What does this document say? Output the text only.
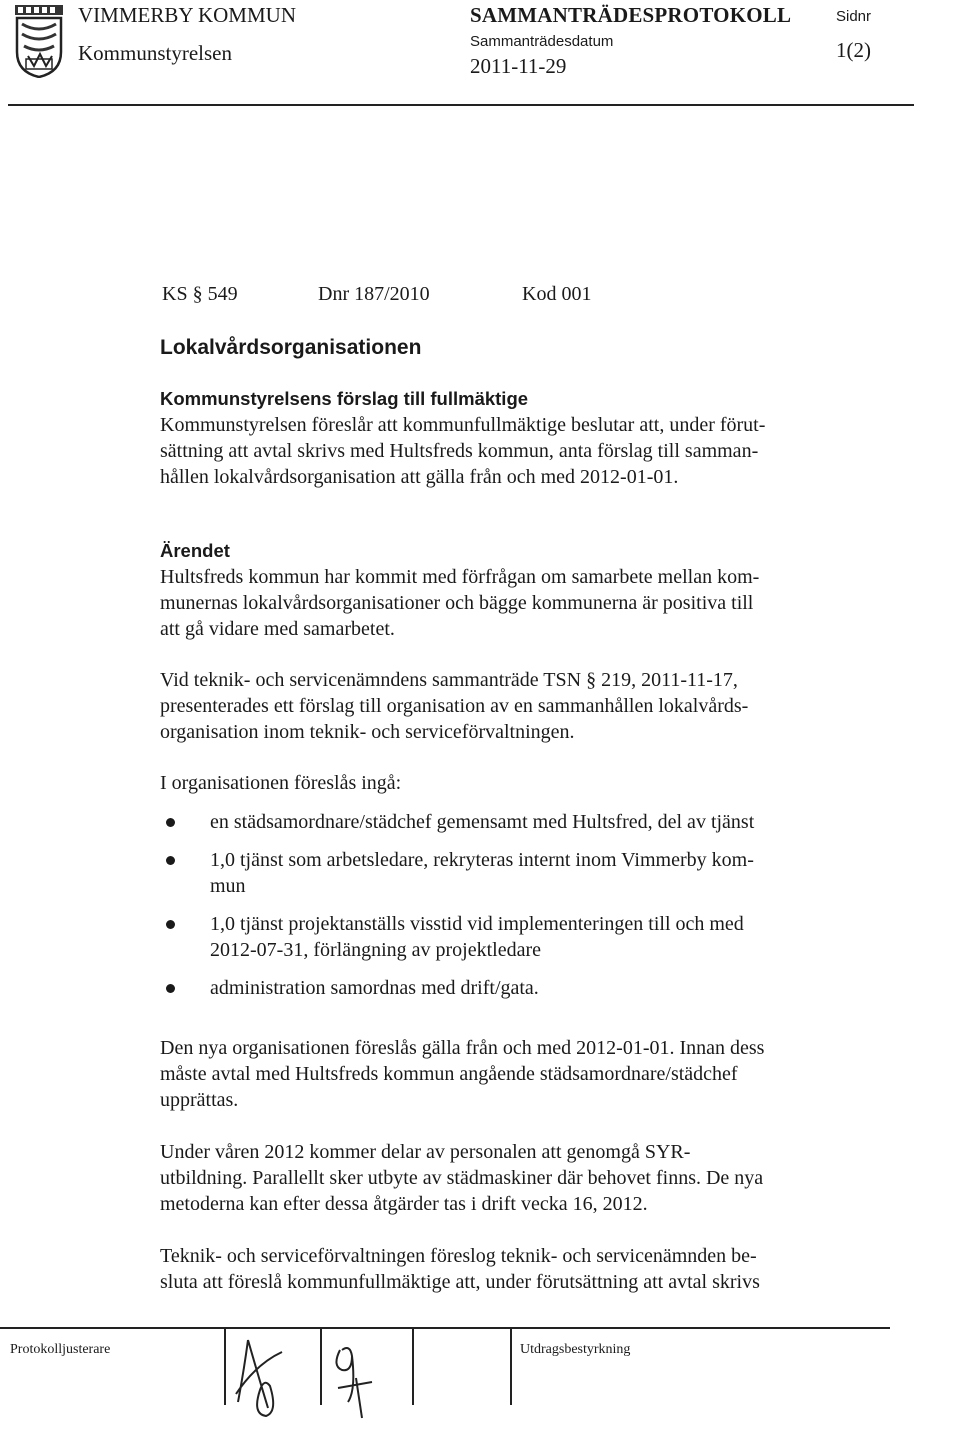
VIMMERBY KOMMUN
Kommunstyrelsen
SAMMANTRÄDESPROTOKOLL
Sammanträdesdatum
2011-11-29
Sidnr
1(2)
KS § 549	Dnr 187/2010	Kod 001
Lokalvårdsorganisationen
Kommunstyrelsens förslag till fullmäktige
Kommunstyrelsen föreslår att kommunfullmäktige beslutar att, under förut-
sättning att avtal skrivs med Hultsfreds kommun, anta förslag till samman-
hållen lokalvårdsorganisation att gälla från och med 2012-01-01.
Ärendet
Hultsfreds kommun har kommit med förfrågan om samarbete mellan kom-
munernas lokalvårdsorganisationer och bägge kommunerna är positiva till
att gå vidare med samarbetet.
Vid teknik- och servicenämndens sammanträde TSN § 219, 2011-11-17,
presenterades ett förslag till organisation av en sammanhållen lokalvårds-
organisation inom teknik- och serviceförvaltningen.
I organisationen föreslås ingå:
en städsamordnare/städchef gemensamt med Hultsfred, del av tjänst
1,0 tjänst som arbetsledare, rekryteras internt inom Vimmerby kom-
mun
1,0 tjänst projektanställs visstid vid implementeringen till och med
2012-07-31, förlängning av projektledare
administration samordnas med drift/gata.
Den nya organisationen föreslås gälla från och med 2012-01-01. Innan dess
måste avtal med Hultsfreds kommun angående städsamordnare/städchef
upprättas.
Under våren 2012 kommer delar av personalen att genomgå SYR-
utbildning. Parallellt sker utbyte av städmaskiner där behovet finns. De nya
metoderna kan efter dessa åtgärder tas i drift vecka 16, 2012.
Teknik- och serviceförvaltningen föreslog teknik- och servicenämnden be-
sluta att föreslå kommunfullmäktige att, under förutsättning att avtal skrivs
Protokolljusterare	Utdragsbestyrkning
